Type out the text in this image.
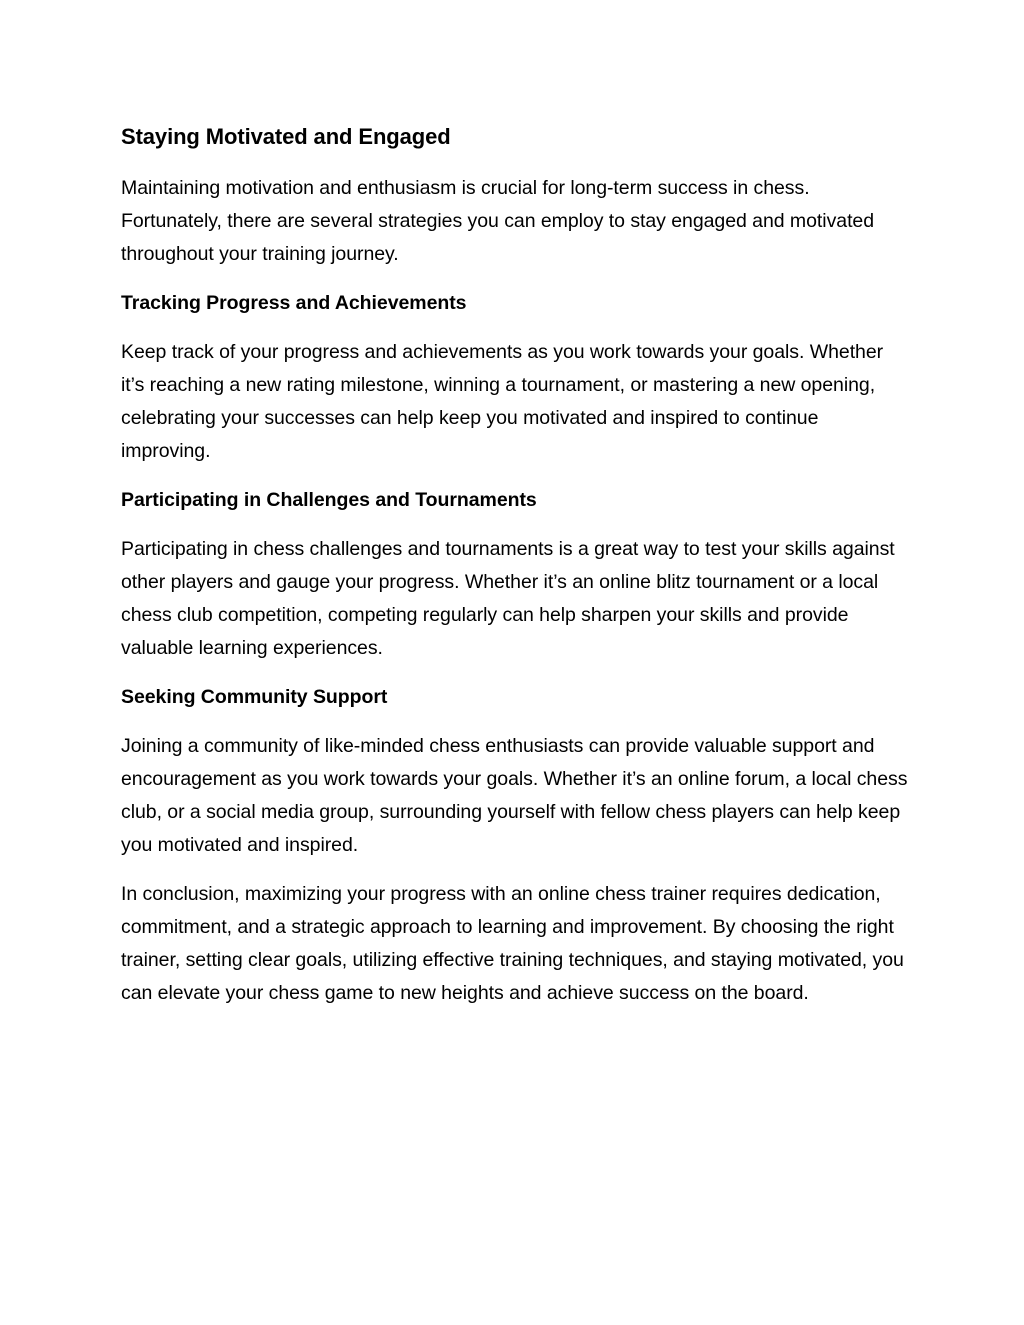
Staying Motivated and Engaged

Maintaining motivation and enthusiasm is crucial for long-term success in chess. Fortunately, there are several strategies you can employ to stay engaged and motivated throughout your training journey.

Tracking Progress and Achievements

Keep track of your progress and achievements as you work towards your goals. Whether it’s reaching a new rating milestone, winning a tournament, or mastering a new opening, celebrating your successes can help keep you motivated and inspired to continue improving.

Participating in Challenges and Tournaments

Participating in chess challenges and tournaments is a great way to test your skills against other players and gauge your progress. Whether it’s an online blitz tournament or a local chess club competition, competing regularly can help sharpen your skills and provide valuable learning experiences.

Seeking Community Support

Joining a community of like-minded chess enthusiasts can provide valuable support and encouragement as you work towards your goals. Whether it’s an online forum, a local chess club, or a social media group, surrounding yourself with fellow chess players can help keep you motivated and inspired.

In conclusion, maximizing your progress with an online chess trainer requires dedication, commitment, and a strategic approach to learning and improvement. By choosing the right trainer, setting clear goals, utilizing effective training techniques, and staying motivated, you can elevate your chess game to new heights and achieve success on the board.
